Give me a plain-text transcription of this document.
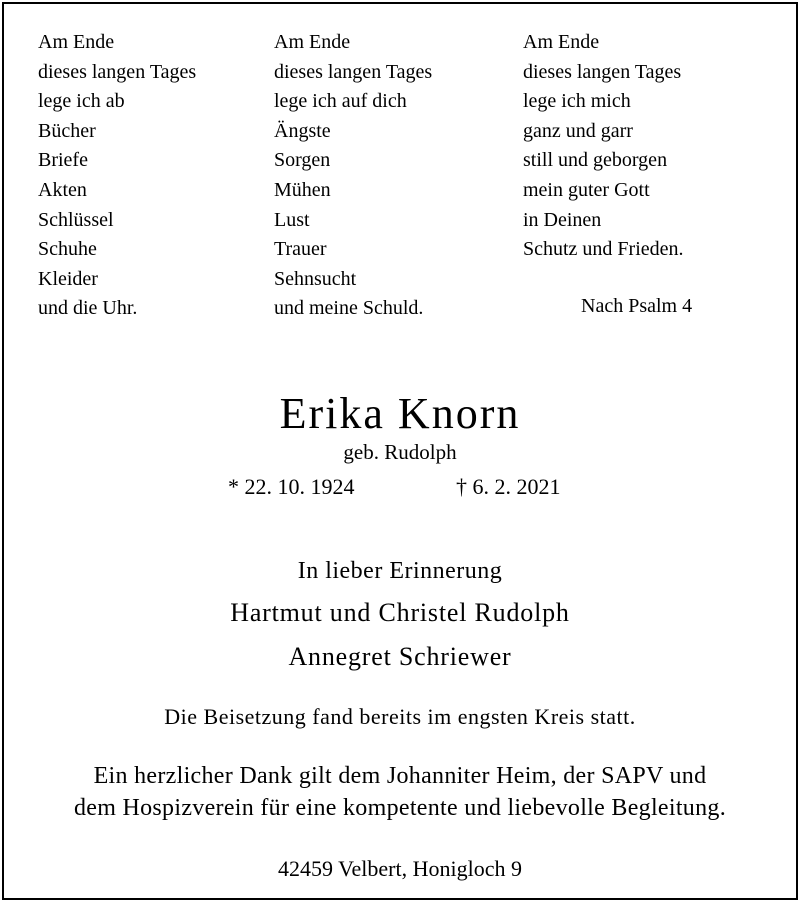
Am Ende
dieses langen Tages
lege ich ab
Bücher
Briefe
Akten
Schlüssel
Schuhe
Kleider
und die Uhr.
Am Ende
dieses langen Tages
lege ich auf dich
Ängste
Sorgen
Mühen
Lust
Trauer
Sehnsucht
und meine Schuld.
Am Ende
dieses langen Tages
lege ich mich
ganz und garr
still und geborgen
mein guter Gott
in Deinen
Schutz und Frieden.
Nach Psalm 4
Erika Knorn
geb. Rudolph
* 22. 10. 1924	† 6. 2. 2021
In lieber Erinnerung
Hartmut und Christel Rudolph
Annegret Schriewer
Die Beisetzung fand bereits im engsten Kreis statt.
Ein herzlicher Dank gilt dem Johanniter Heim, der SAPV und
dem Hospizverein für eine kompetente und liebevolle Begleitung.
42459 Velbert, Honigloch 9
